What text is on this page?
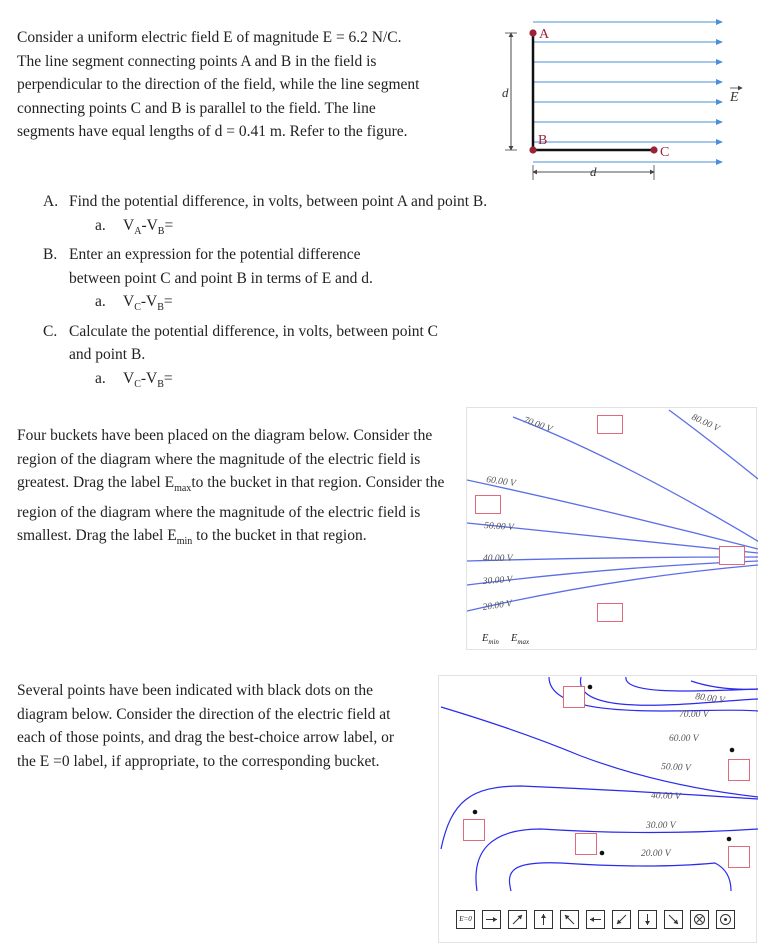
Consider a uniform electric field E of magnitude E = 6.2 N/C. The line segment connecting points A and B in the field is perpendicular to the direction of the field, while the line segment connecting points C and B is parallel to the field. The line segments have equal lengths of d = 0.41 m. Refer to the figure.
A
B
C
d
d
E
A. Find the potential difference, in volts, between point A and point B.
a.	$V_A-V_B=$
B. Enter an expression for the potential difference between point C and point B in terms of E and d.
a.	$V_C-V_B=$
C. Calculate the potential difference, in volts, between point C and point B.
a.	$V_C-V_B=$
Four buckets have been placed on the diagram below. Consider the region of the diagram where the magnitude of the electric field is greatest. Drag the label $E_{max}to$ the bucket in that region. Consider the region of the diagram where the magnitude of the electric field is smallest. Drag the label $E_{min}$ to the bucket in that region.
70.00 V	80.00 V
60.00 V
50.00 V
40.00 V
30.00 V
20.00 V
$E_{min}$ $E_{max}$
Several points have been indicated with black dots on the diagram below. Consider the direction of the electric field at each of those points, and drag the best-choice arrow label, or the E =0 label, if appropriate, to the corresponding bucket.
80.00 V
70.00 V
60.00 V
50.00 V
40.00 V
30.00 V
20.00 V
E=0
